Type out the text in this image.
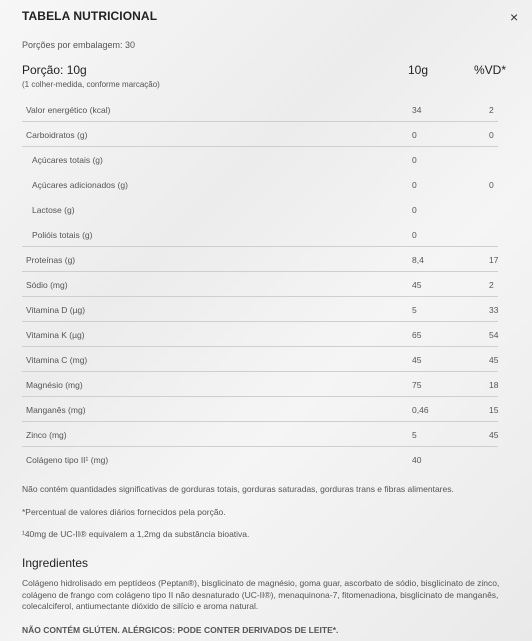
TABELA NUTRICIONAL	×
Porções por embalagem: 30
Porção: 10g
(1 colher-medida, conforme marcação)
10g	%VD*
Valor energético (kcal)	34	2
Carboidratos (g)	0	0
Açúcares totais (g)	0
Açúcares adicionados (g)	0	0
Lactose (g)	0
Polióis totais (g)	0
Proteínas (g)	8,4	17
Sódio (mg)	45	2
Vitamina D (µg)	5	33
Vitamina K (µg)	65	54
Vitamina C (mg)	45	45
Magnésio (mg)	75	18
Manganês (mg)	0,46	15
Zinco (mg)	5	45
Colágeno tipo II¹ (mg)	40
Não contém quantidades significativas de gorduras totais, gorduras saturadas, gorduras trans e fibras alimentares.
*Percentual de valores diários fornecidos pela porção.
¹40mg de UC-II® equivalem a 1,2mg da substância bioativa.
Ingredientes
Colágeno hidrolisado em peptídeos (Peptan®), bisglicinato de magnésio, goma guar, ascorbato de sódio, bisglicinato de zinco, colágeno de frango com colágeno tipo II não desnaturado (UC-II®), menaquinona-7, fitomenadiona, bisglicinato de manganês, colecalciferol, antiumectante dióxido de silício e aroma natural.
NÃO CONTÉM GLÚTEN. ALÉRGICOS: PODE CONTER DERIVADOS DE LEITE*.
